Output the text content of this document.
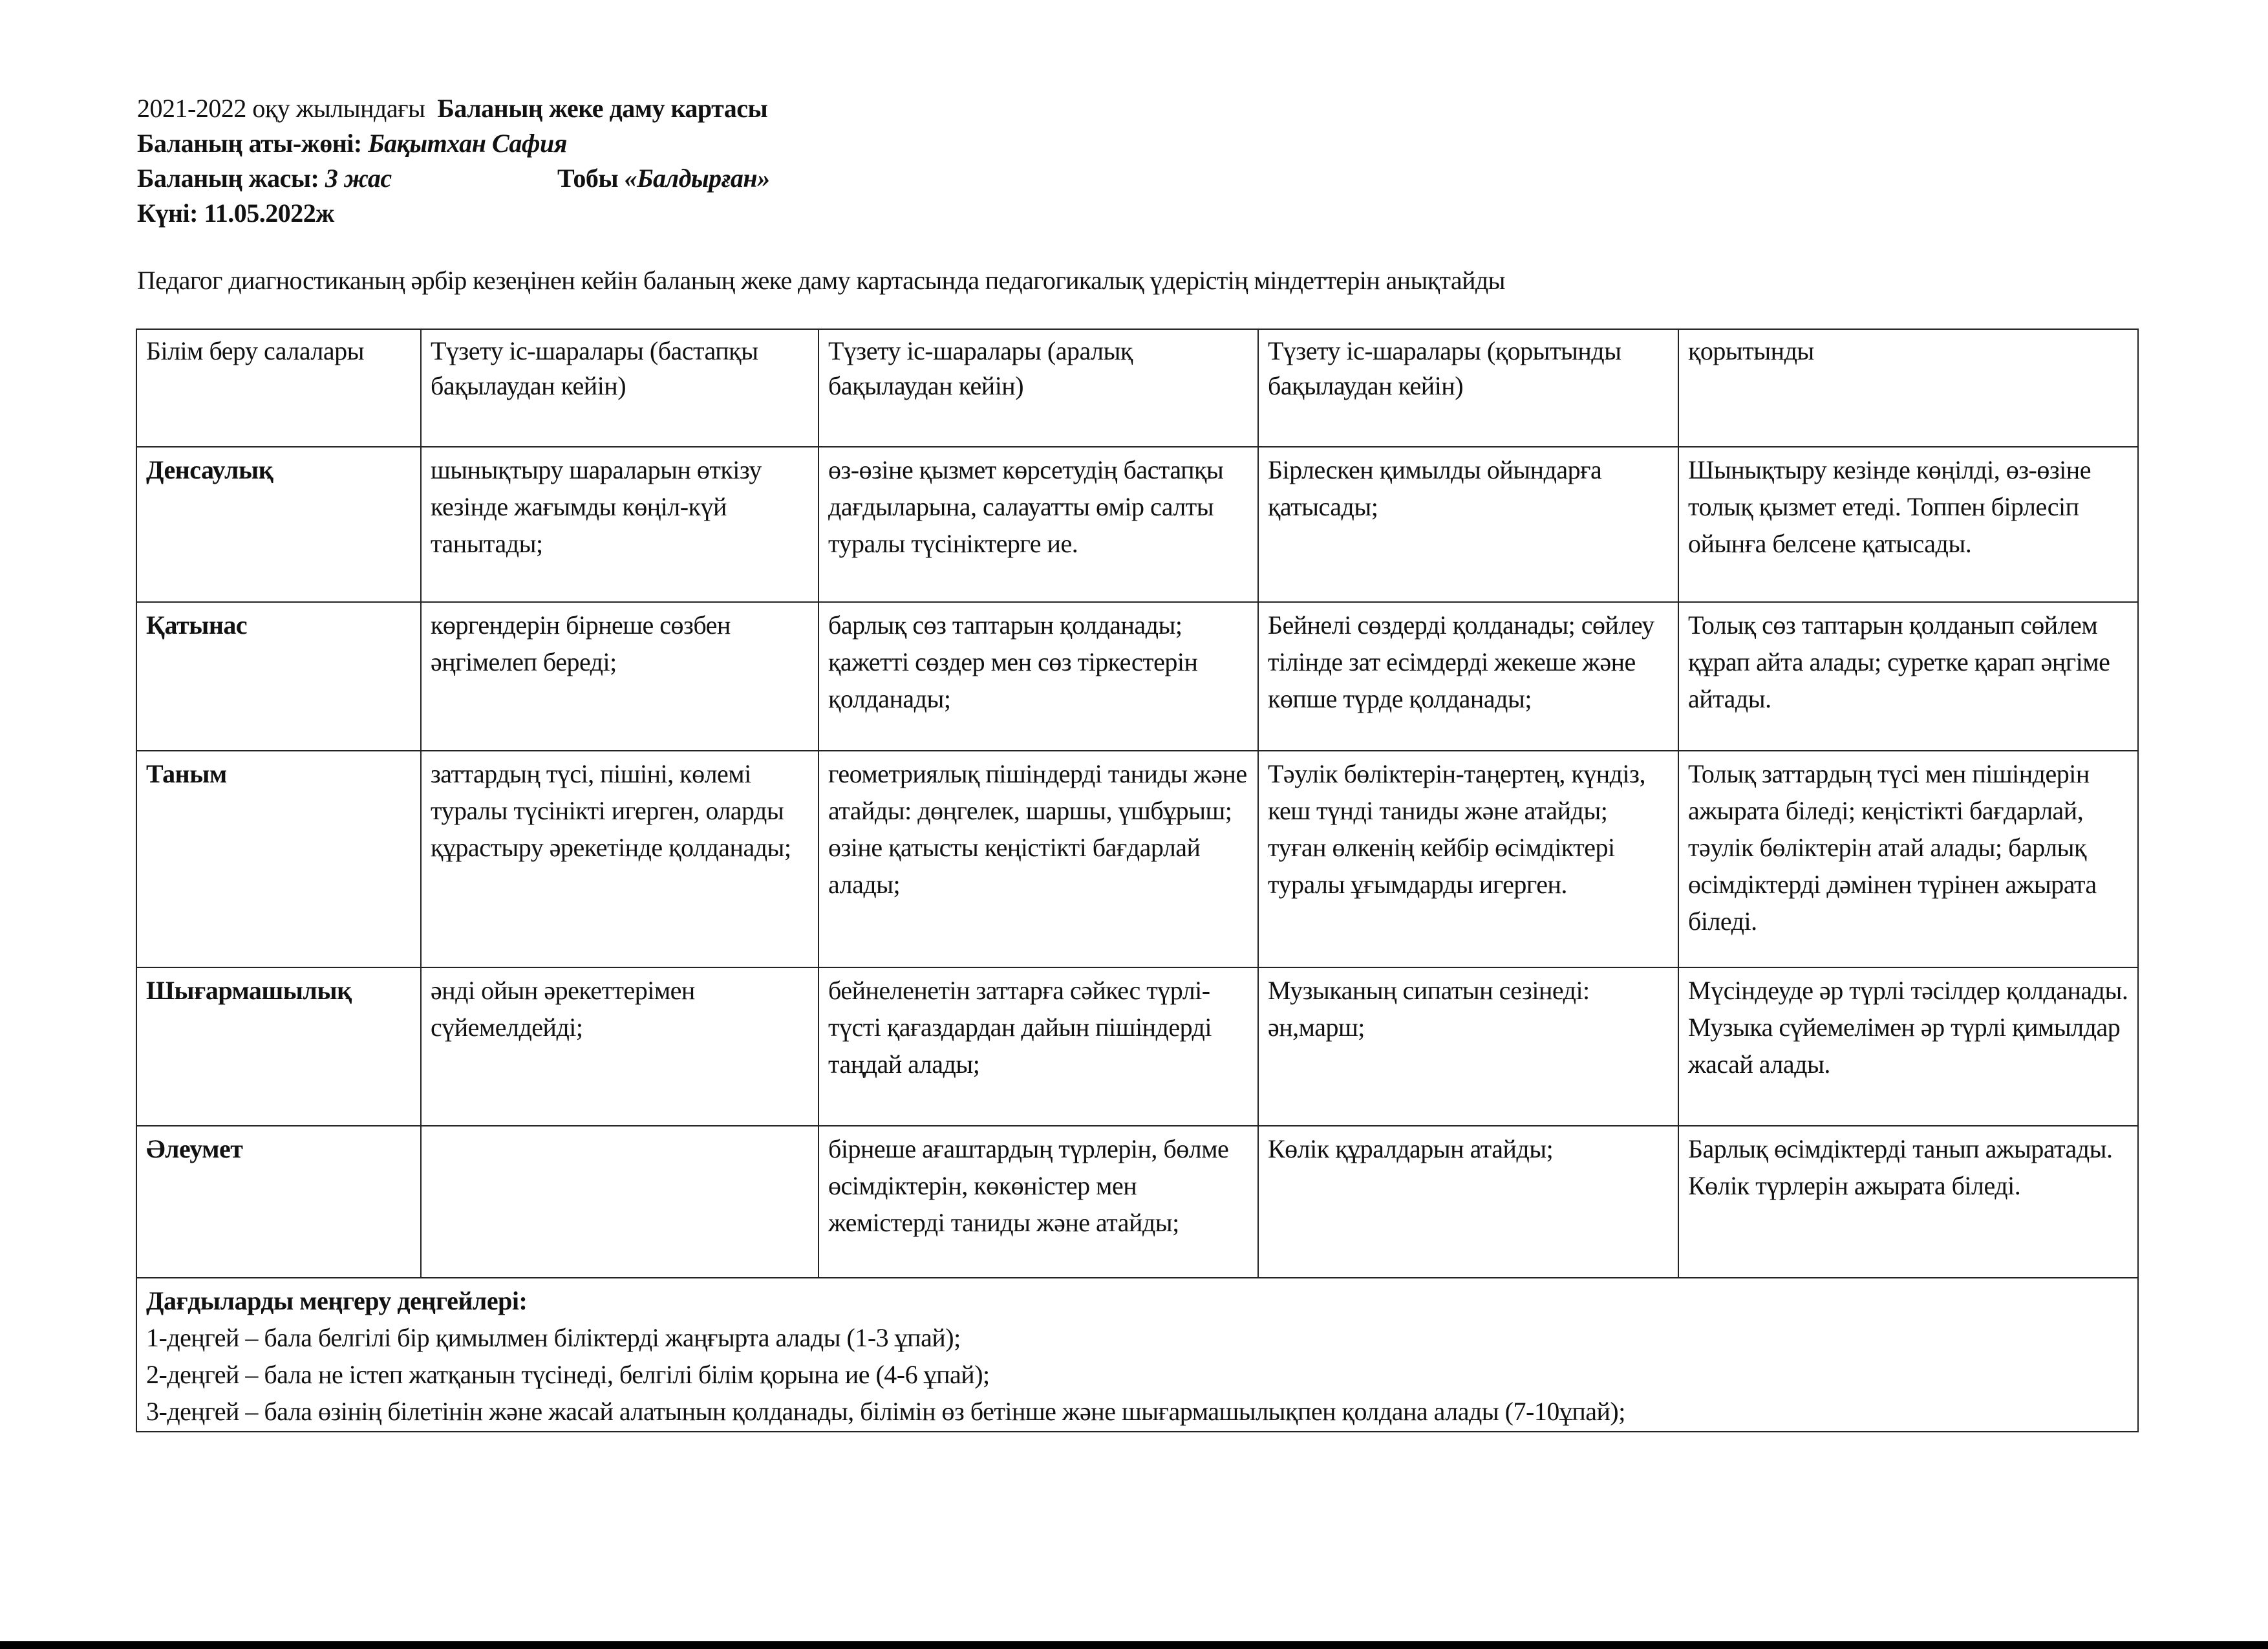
2021-2022 оқу жылындағы Баланың жеке даму картасы
Баланың аты-жөні: Бақытхан Сафия
Баланың жасы: 3 жас	Тобы «Балдырған»
Күні: 11.05.2022ж
Педагог диагностиканың әрбір кезеңінен кейін баланың жеке даму картасында педагогикалық үдерістің міндеттерін анықтайды
Білім беру салалары	Түзету іс-шаралары (бастапқы бақылаудан кейін)	Түзету іс-шаралары (аралық бақылаудан кейін)	Түзету іс-шаралары (қорытынды бақылаудан кейін)	қорытынды
Денсаулық	шынықтыру шараларын өткізу кезінде жағымды көңіл-күй танытады;	өз-өзіне қызмет көрсетудің бастапқы дағдыларына, салауатты өмір салты туралы түсініктерге ие.	Бірлескен қимылды ойындарға қатысады;	Шынықтыру кезінде көңілді, өз-өзіне толық қызмет етеді. Топпен бірлесіп ойынға белсене қатысады.
Қатынас	көргендерін бірнеше сөзбен әңгімелеп береді;	барлық сөз таптарын қолданады; қажетті сөздер мен сөз тіркестерін қолданады;	Бейнелі сөздерді қолданады; сөйлеу тілінде зат есімдерді жекеше және көпше түрде қолданады;	Толық сөз таптарын қолданып сөйлем құрап айта алады; суретке қарап әңгіме айтады.
Таным	заттардың түсі, пішіні, көлемі туралы түсінікті игерген, оларды құрастыру әрекетінде қолданады;	геометриялық пішіндерді таниды және атайды: дөңгелек, шаршы, үшбұрыш; өзіне қатысты кеңістікті бағдарлай алады;	Тәулік бөліктерін-таңертең, күндіз, кеш түнді таниды және атайды; туған өлкенің кейбір өсімдіктері туралы ұғымдарды игерген.	Толық заттардың түсі мен пішіндерін ажырата біледі; кеңістікті бағдарлай, тәулік бөліктерін атай алады; барлық өсімдіктерді дәмінен түрінен ажырата біледі.
Шығармашылық	әнді ойын әрекеттерімен сүйемелдейді;	бейнеленетін заттарға сәйкес түрлі-түсті қағаздардан дайын пішіндерді таңдай алады;	Музыканың сипатын сезінеді: ән,марш;	Мүсіндеуде әр түрлі тәсілдер қолданады. Музыка сүйемелімен әр түрлі қимылдар жасай алады.
Әлеумет		бірнеше ағаштардың түрлерін, бөлме өсімдіктерін, көкөністер мен жемістерді таниды және атайды;	Көлік құралдарын атайды;	Барлық өсімдіктерді танып ажыратады. Көлік түрлерін ажырата біледі.

Дағдыларды меңгеру деңгейлері:
1-деңгей – бала белгілі бір қимылмен біліктерді жаңғырта алады (1-3 ұпай);
2-деңгей – бала не істеп жатқанын түсінеді, белгілі білім қорына ие (4-6 ұпай);
3-деңгей – бала өзінің білетінін және жасай алатынын қолданады, білімін өз бетінше және шығармашылықпен қолдана алады (7-10ұпай);				
